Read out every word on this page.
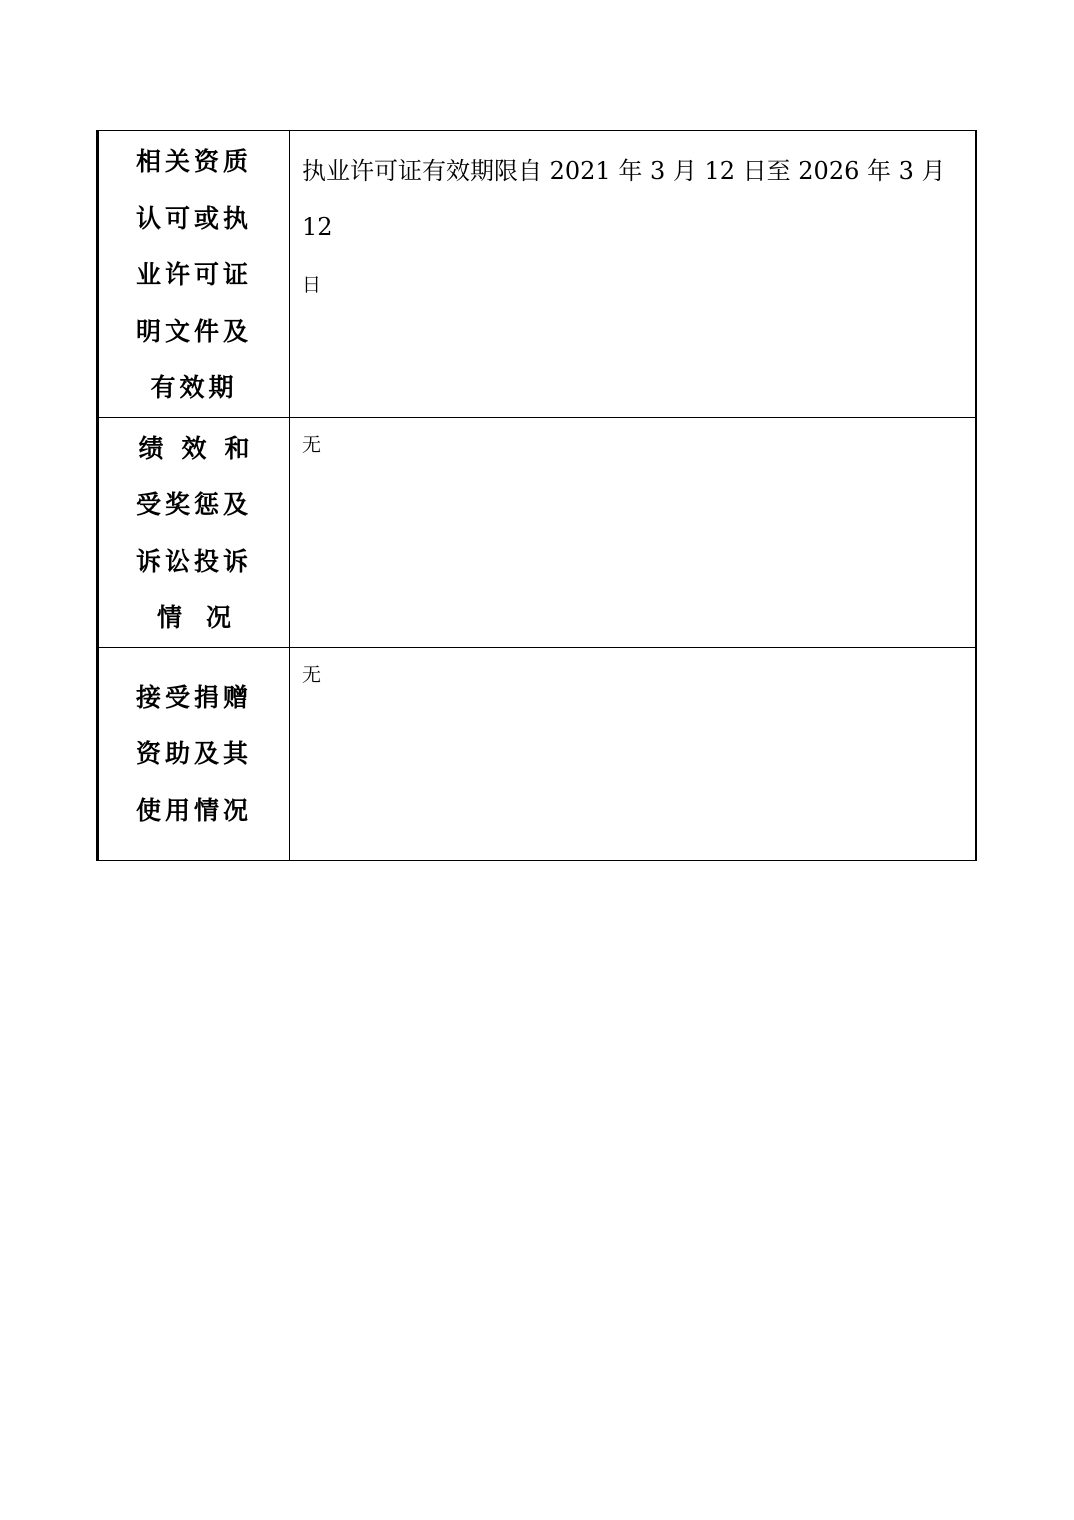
相关资质
认可或执
业许可证
明文件及
有效期	执业许可证有效期限自 2021 年 3 月 12 日至 2026 年 3 月 12
日

绩效和
受奖惩及
诉讼投诉
情况	无

接受捐赠
资助及其
使用情况	无
